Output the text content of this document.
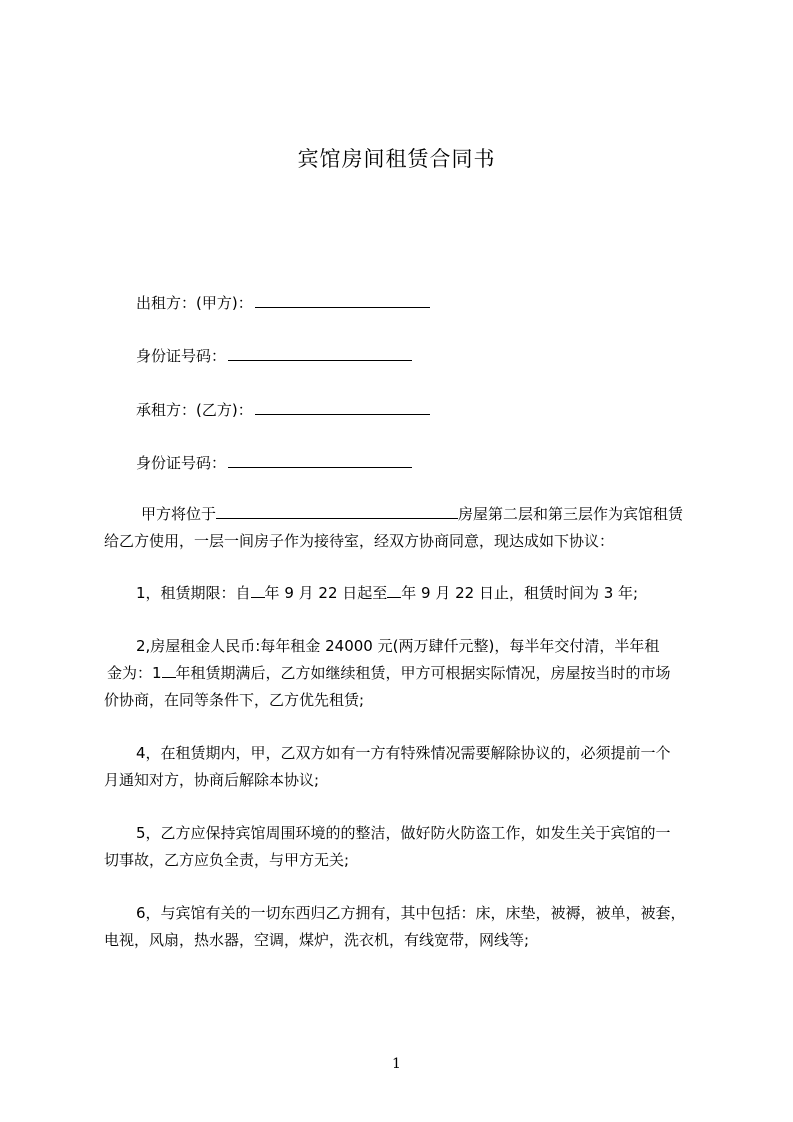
宾馆房间租赁合同书
出租方：(甲方)：
身份证号码：
承租方：(乙方)：
身份证号码：
甲方将位于	房屋第二层和第三层作为宾馆租赁
给乙方使用，一层一间房子作为接待室，经双方协商同意，现达成如下协议：
1，租赁期限：自 年 9 月 22 日起至 年 9 月 22 日止，租赁时间为 3 年;
2,房屋租金人民币:每年租金 24000 元(两万肆仟元整)，每半年交付清，半年租
金为：1 年租赁期满后，乙方如继续租赁，甲方可根据实际情况，房屋按当时的市场
价协商，在同等条件下，乙方优先租赁;
4，在租赁期内，甲，乙双方如有一方有特殊情况需要解除协议的，必须提前一个
月通知对方，协商后解除本协议;
5，乙方应保持宾馆周围环境的的整洁，做好防火防盗工作，如发生关于宾馆的一
切事故，乙方应负全责，与甲方无关;
6，与宾馆有关的一切东西归乙方拥有，其中包括：床，床垫，被褥，被单，被套，
电视，风扇，热水器，空调，煤炉，洗衣机，有线宽带，网线等;
1
